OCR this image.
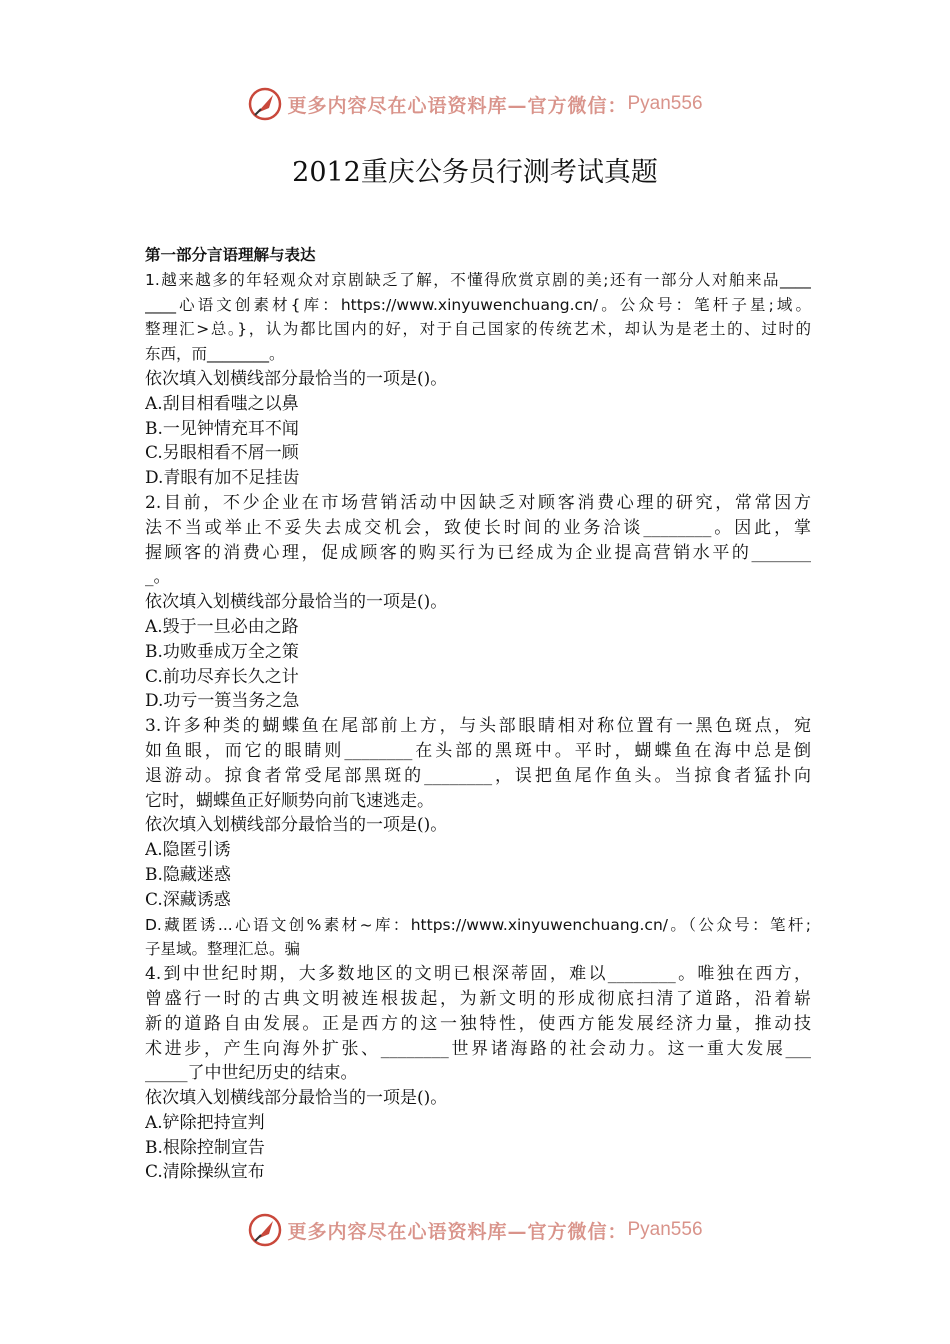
更多内容尽在心语资料库—官方微信： Pyan556
2012重庆公务员行测考试真题
第一部分言语理解与表达
1.越来越多的年轻观众对京剧缺乏了解，不懂得欣赏京剧的美;还有一部分人对舶来品____
____心语文创素材{库：https://www.xinyuwenchuang.cn/。公众号：笔杆子星;域。
整理汇>总。}，认为都比国内的好，对于自己国家的传统艺术，却认为是老土的、过时的
东西，而________。
依次填入划横线部分最恰当的一项是()。
A.刮目相看嗤之以鼻
B.一见钟情充耳不闻
C.另眼相看不屑一顾
D.青眼有加不足挂齿
2.目前，不少企业在市场营销活动中因缺乏对顾客消费心理的研究，常常因方
法不当或举止不妥失去成交机会，致使长时间的业务洽谈________。因此，掌
握顾客的消费心理，促成顾客的购买行为已经成为企业提高营销水平的_______
_。
依次填入划横线部分最恰当的一项是()。
A.毁于一旦必由之路
B.功败垂成万全之策
C.前功尽弃长久之计
D.功亏一篑当务之急
3.许多种类的蝴蝶鱼在尾部前上方，与头部眼睛相对称位置有一黑色斑点，宛
如鱼眼，而它的眼睛则________在头部的黑斑中。平时，蝴蝶鱼在海中总是倒
退游动。掠食者常受尾部黑斑的________，误把鱼尾作鱼头。当掠食者猛扑向
它时，蝴蝶鱼正好顺势向前飞速逃走。
依次填入划横线部分最恰当的一项是()。
A.隐匿引诱
B.隐藏迷惑
C.深藏诱惑
D.藏匿诱...心语文创%素材~库：https://www.xinyuwenchuang.cn/。（公众号：笔杆;
子星域。整理汇总。骗
4.到中世纪时期，大多数地区的文明已根深蒂固，难以________。唯独在西方，
曾盛行一时的古典文明被连根拔起，为新文明的形成彻底扫清了道路，沿着崭
新的道路自由发展。正是西方的这一独特性，使西方能发展经济力量，推动技
术进步，产生向海外扩张、________世界诸海路的社会动力。这一重大发展___
_____了中世纪历史的结束。
依次填入划横线部分最恰当的一项是()。
A.铲除把持宣判
B.根除控制宣告
C.清除操纵宣布
更多内容尽在心语资料库—官方微信： Pyan556
